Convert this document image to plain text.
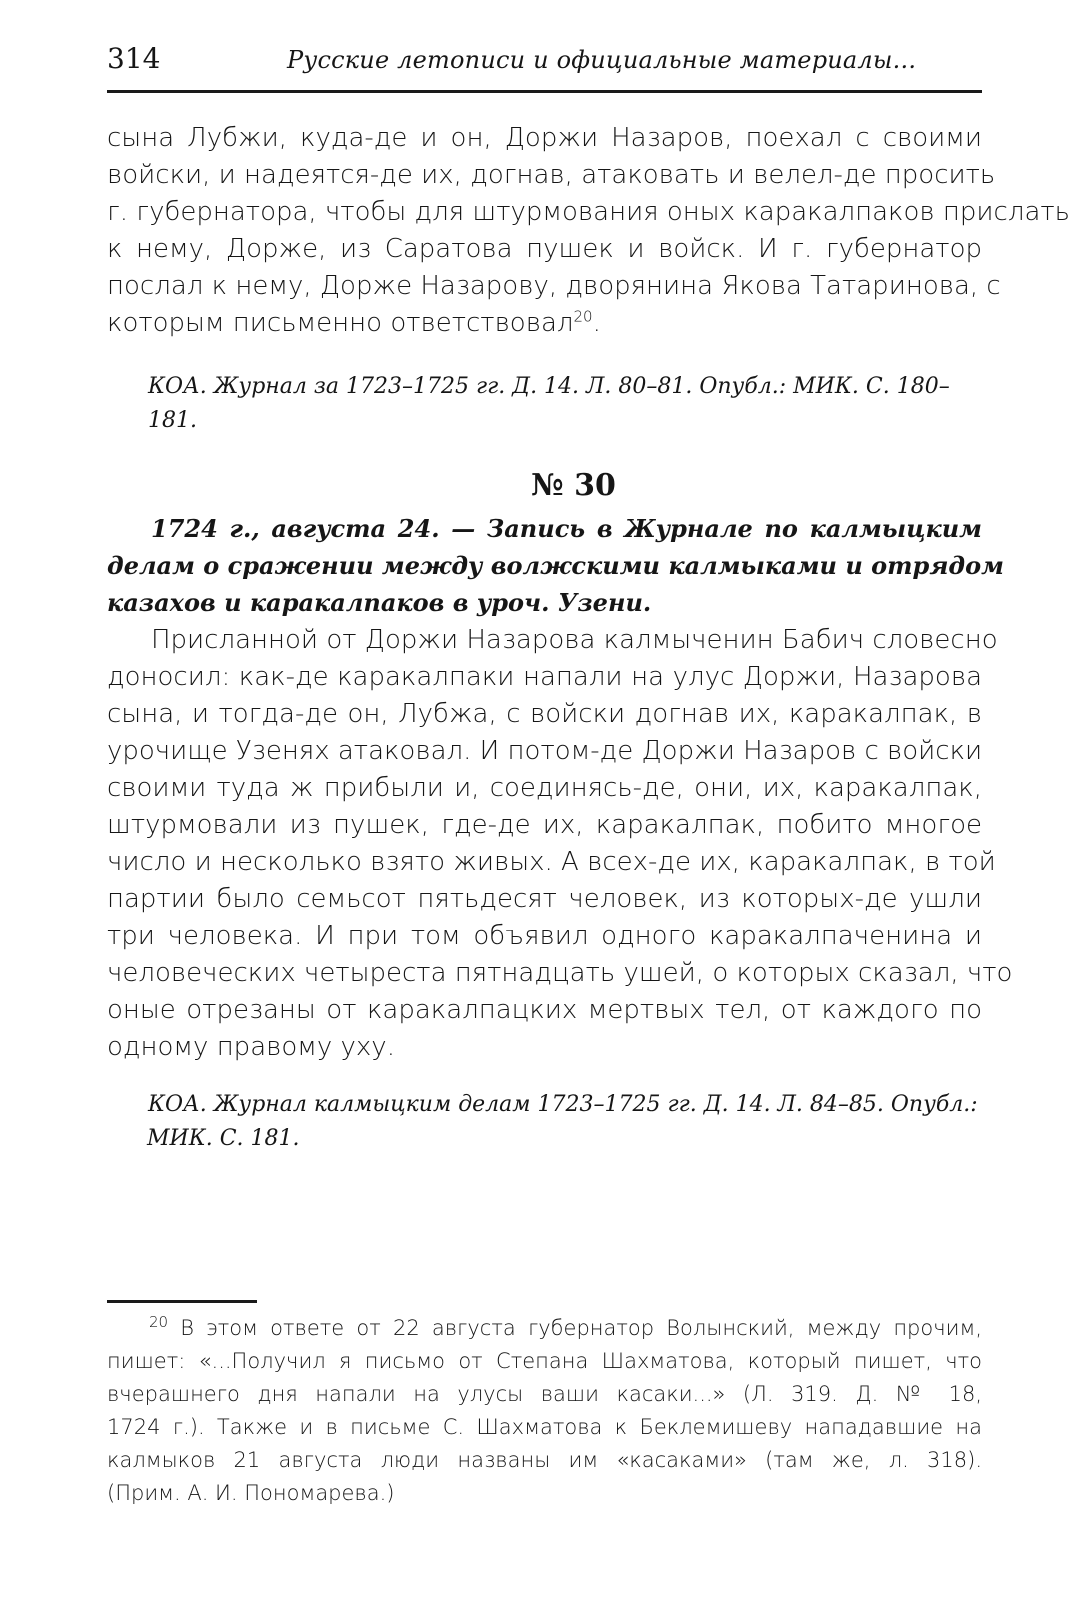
314	Русские летописи и официальные материалы...
сына Лубжи, куда-де и он, Доржи Назаров, поехал с своими
войски, и надеятся-де их, догнав, атаковать и велел-де просить
г. губернатора, чтобы для штурмования оных каракалпаков прислать
к нему, Дорже, из Саратова пушек и войск. И г. губернатор
послал к нему, Дорже Назарову, дворянина Якова Татаринова, с
которым письменно ответствовал$^{20}$.
КОА. Журнал за 1723–1725 гг. Д. 14. Л. 80–81. Опубл.: МИК. С. 180–181.
№ 30
1724 г., августа 24. — Запись в Журнале по калмыцким
делам о сражении между волжскими калмыками и отрядом
казахов и каракалпаков в уроч. Узени.
Присланной от Доржи Назарова калмыченин Бабич словесно
доносил: как-де каракалпаки напали на улус Доржи, Назарова
сына, и тогда-де он, Лубжа, с войски догнав их, каракалпак, в
урочище Узенях атаковал. И потом-де Доржи Назаров с войски
своими туда ж прибыли и, соединясь-де, они, их, каракалпак,
штурмовали из пушек, где-де их, каракалпак, побито многое
число и несколько взято живых. А всех-де их, каракалпак, в той
партии было семьсот пятьдесят человек, из которых-де ушли
три человека. И при том объявил одного каракалпаченина и
человеческих четыреста пятнадцать ушей, о которых сказал, что
оные отрезаны от каракалпацких мертвых тел, от каждого по
одному правому уху.
КОА. Журнал калмыцким делам 1723–1725 гг. Д. 14. Л. 84–85. Опубл.:
МИК. С. 181.
$^{20}$ В этом ответе от 22 августа губернатор Волынский, между прочим,
пишет: «...Получил я письмо от Степана Шахматова, который пишет, что
вчерашнего дня напали на улусы ваши касаки...» (Л. 319. Д. № 18,
1724 г.). Также и в письме С. Шахматова к Беклемишеву нападавшие на
калмыков 21 августа люди названы им «касаками» (там же, л. 318).
(Прим. А. И. Пономарева.)
